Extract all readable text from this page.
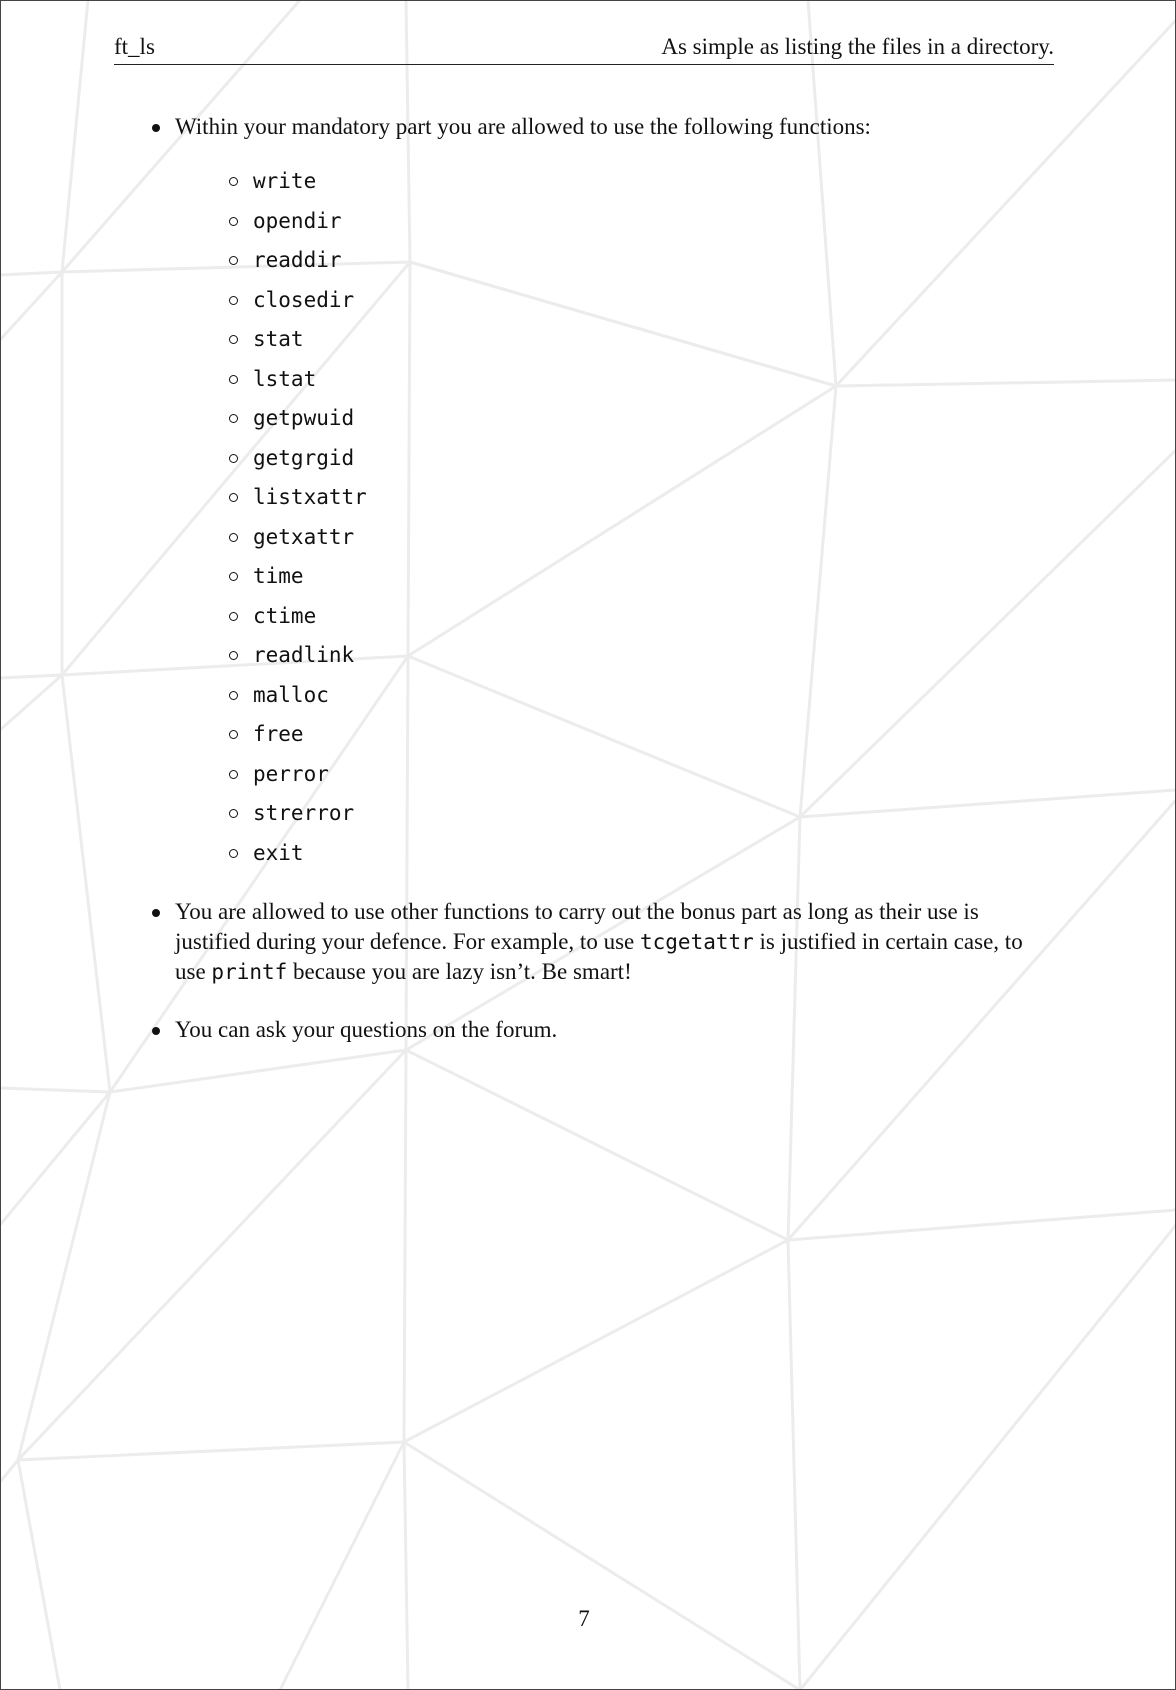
ft_ls	As simple as listing the files in a directory.
Within your mandatory part you are allowed to use the following functions:
write
opendir
readdir
closedir
stat
lstat
getpwuid
getgrgid
listxattr
getxattr
time
ctime
readlink
malloc
free
perror
strerror
exit
You are allowed to use other functions to carry out the bonus part as long as their use is justified during your defence. For example, to use tcgetattr is justified in certain case, to use printf because you are lazy isn’t. Be smart!
You can ask your questions on the forum.
7
